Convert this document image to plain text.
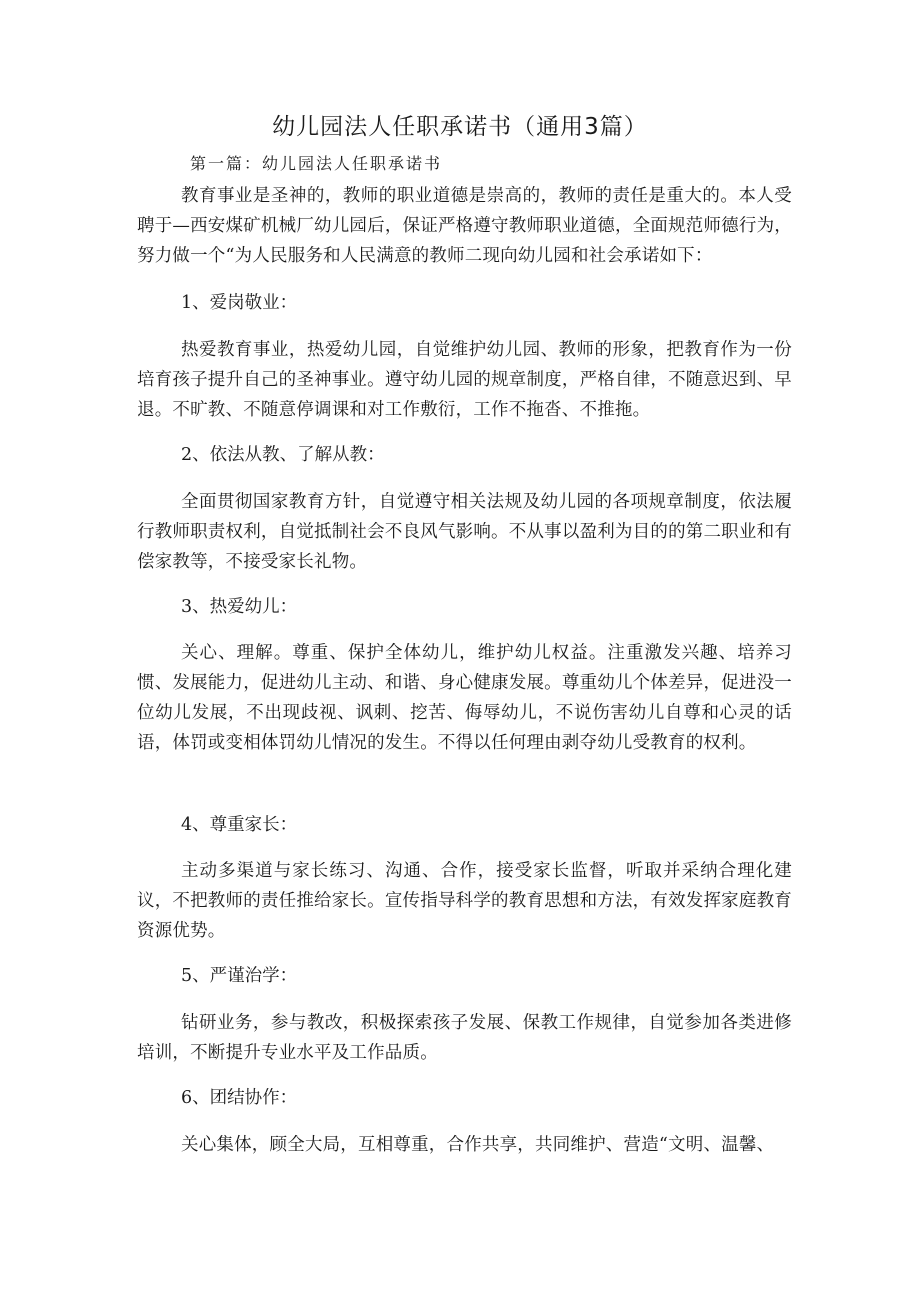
幼儿园法人任职承诺书（通用3篇）

第一篇：幼儿园法人任职承诺书

教育事业是圣神的，教师的职业道德是崇高的，教师的责任是重大的。本人受聘于—西安煤矿机械厂幼儿园后，保证严格遵守教师职业道德，全面规范师德行为，努力做一个“为人民服务和人民满意的教师二现向幼儿园和社会承诺如下：

1、爱岗敬业：

热爱教育事业，热爱幼儿园，自觉维护幼儿园、教师的形象，把教育作为一份培育孩子提升自己的圣神事业。遵守幼儿园的规章制度，严格自律，不随意迟到、早退。不旷教、不随意停调课和对工作敷衍，工作不拖沓、不推拖。

2、依法从教、了解从教：

全面贯彻国家教育方针，自觉遵守相关法规及幼儿园的各项规章制度，依法履行教师职责权利，自觉抵制社会不良风气影响。不从事以盈利为目的的第二职业和有偿家教等，不接受家长礼物。

3、热爱幼儿：

关心、理解。尊重、保护全体幼儿，维护幼儿权益。注重激发兴趣、培养习惯、发展能力，促进幼儿主动、和谐、身心健康发展。尊重幼儿个体差异，促进没一位幼儿发展，不出现歧视、讽刺、挖苦、侮辱幼儿，不说伤害幼儿自尊和心灵的话语，体罚或变相体罚幼儿情况的发生。不得以任何理由剥夺幼儿受教育的权利。

4、尊重家长：

主动多渠道与家长练习、沟通、合作，接受家长监督，听取并采纳合理化建议，不把教师的责任推给家长。宣传指导科学的教育思想和方法，有效发挥家庭教育资源优势。

5、严谨治学：

钻研业务，参与教改，积极探索孩子发展、保教工作规律，自觉参加各类进修培训，不断提升专业水平及工作品质。

6、团结协作：

关心集体，顾全大局，互相尊重，合作共享，共同维护、营造“文明、温馨、
